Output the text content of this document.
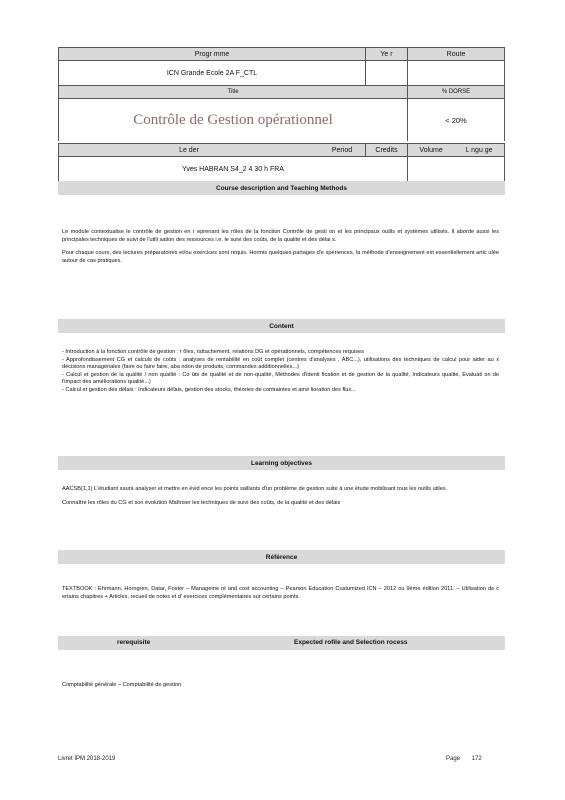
Progr mme	Ye r	Route
ICN Grande Ecole 2A F_CTL
Title	% DORSE
Contrôle de Gestion opérationnel	< 20%
Le der	Period	Credits	Volume	L ngu ge
Yves HABRAN S4_2 4 30 h FRA
Course description and Teaching Methods

Le module contextualise le contrôle de gestion en r eprenant les rôles de la fonction Contrôle de gesti on et les principaux outils et systèmes utilisés. Il aborde aussi les principales techniques de suivi de l'utili sation des ressources i.e. le suivi des coûts, de la qualité et des délai s.

Pour chaque cours, des lectures préparatoires et/ou exercices sont requis. Hormis quelques partages d'e xpériences, la méthode d'enseignement est essentiellement artic ulée autour de cas pratiques.

Content
- Introduction à la fonction contrôle de gestion : r ôles, rattachement, relations DG et opérationnels, compétences requises
- Approfondissement CG et calculs de coûts : analyses de rentabilité en coût complet (centres d'analyses , ABC...), utilisations des techniques de calcul pour aider au x décisions managériales (faire ou faire faire, aba ndon de produits, commandes additionnelles...)
- Calcul et gestion de la qualité / non qualité : Co ûts de qualité et de non-qualité, Méthodes d'identi fication et de gestion de la qualité, Indicateurs qualité, Evaluati on de l'impact des améliorations qualité...)
- Calcul et gestion des délais : Indicateurs délais, gestion des stocks, théories de contraintes et amé lioration des flux...
Learning objectives

AACSB(1,1) L'étudiant saura analyser et mettre en évid ence les points saillants d'un problème de gestion suite à une étude mobilisant tous les outils utiles.

Connaître les rôles du CG et son évolution Maîtriser les techniques de suivi des coûts, de la qualité et des délais

Référence

TEXTBOOK : Ehrmann, Horngren, Datar, Foster – Manageme nt and cost accounting – Pearson Education Custumized ICN – 2012 ou 9ème édition 2011. – Utilisation de c ertains chapitres + Articles, recueil de notes et d' exercices complémentaires sur certains points.

rerequisite	Expected rofile and Selection rocess

Comptabilité générale – Comptabilité de gestion

Livret IPM 2018-2019	Page 172
